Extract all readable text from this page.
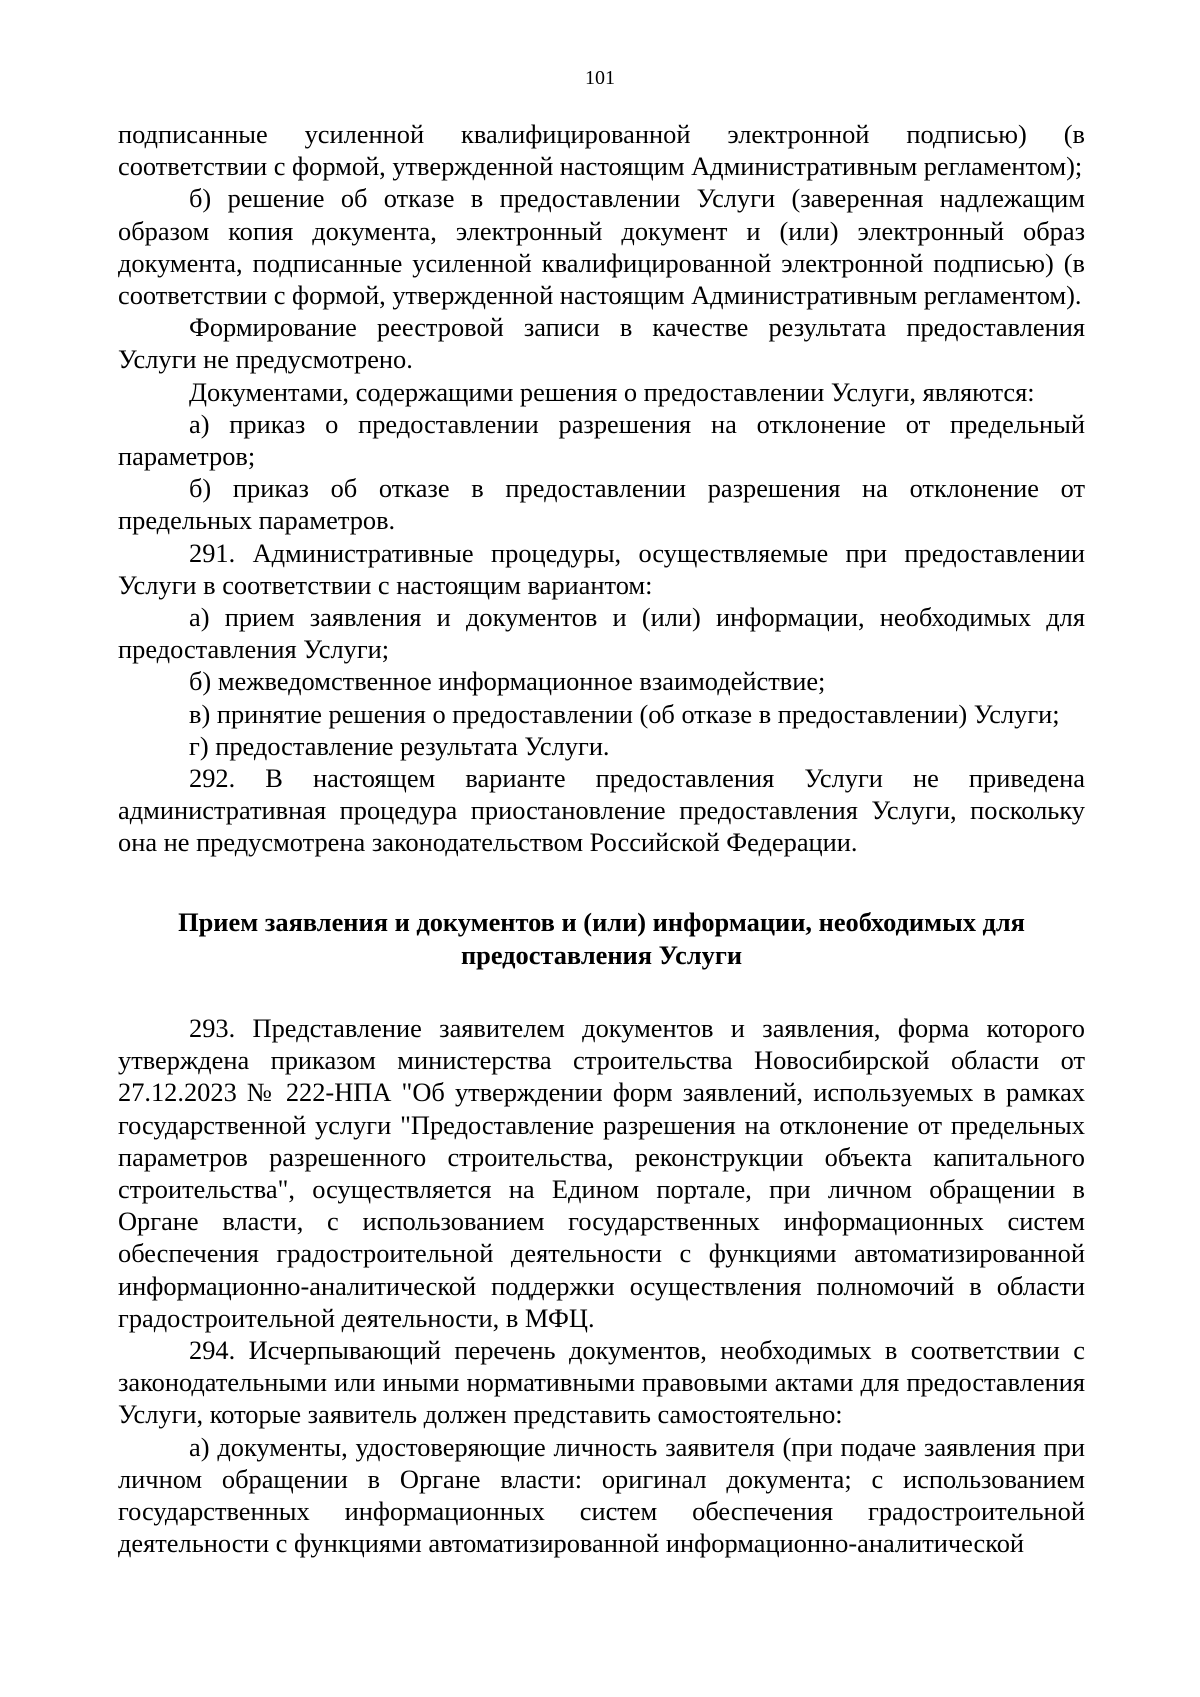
101

подписанные усиленной квалифицированной электронной подписью) (в соответствии с формой, утвержденной настоящим Административным регламентом);

б) решение об отказе в предоставлении Услуги (заверенная надлежащим образом копия документа, электронный документ и (или) электронный образ документа, подписанные усиленной квалифицированной электронной подписью) (в соответствии с формой, утвержденной настоящим Административным регламентом).

Формирование реестровой записи в качестве результата предоставления Услуги не предусмотрено.

Документами, содержащими решения о предоставлении Услуги, являются:

а) приказ о предоставлении разрешения на отклонение от предельный параметров;

б) приказ об отказе в предоставлении разрешения на отклонение от предельных параметров.

291. Административные процедуры, осуществляемые при предоставлении Услуги в соответствии с настоящим вариантом:

а) прием заявления и документов и (или) информации, необходимых для предоставления Услуги;

б) межведомственное информационное взаимодействие;

в) принятие решения о предоставлении (об отказе в предоставлении) Услуги;

г) предоставление результата Услуги.

292. В настоящем варианте предоставления Услуги не приведена административная процедура приостановление предоставления Услуги, поскольку она не предусмотрена законодательством Российской Федерации.

Прием заявления и документов и (или) информации, необходимых для предоставления Услуги

293. Представление заявителем документов и заявления, форма которого утверждена приказом министерства строительства Новосибирской области от 27.12.2023 № 222-НПА "Об утверждении форм заявлений, используемых в рамках государственной услуги "Предоставление разрешения на отклонение от предельных параметров разрешенного строительства, реконструкции объекта капитального строительства", осуществляется на Едином портале, при личном обращении в Органе власти, с использованием государственных информационных систем обеспечения градостроительной деятельности с функциями автоматизированной информационно-аналитической поддержки осуществления полномочий в области градостроительной деятельности, в МФЦ.

294. Исчерпывающий перечень документов, необходимых в соответствии с законодательными или иными нормативными правовыми актами для предоставления Услуги, которые заявитель должен представить самостоятельно:

а) документы, удостоверяющие личность заявителя (при подаче заявления при личном обращении в Органе власти: оригинал документа; с использованием государственных информационных систем обеспечения градостроительной деятельности с функциями автоматизированной информационно-аналитической
